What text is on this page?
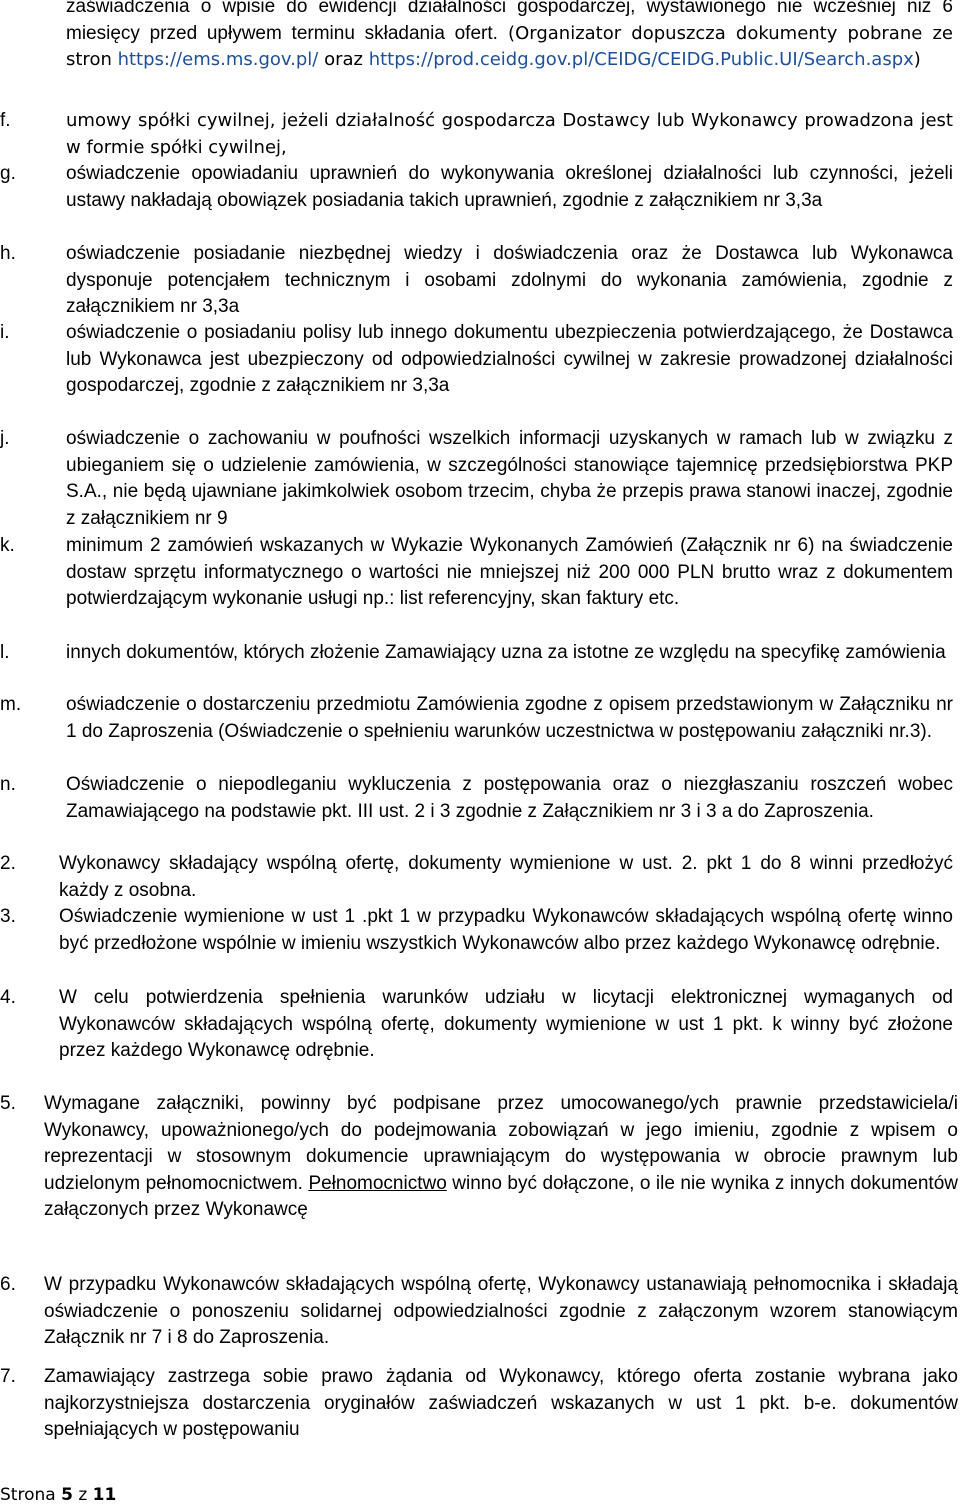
zaświadczenia o wpisie do ewidencji działalności gospodarczej, wystawionego nie wcześniej niż 6 miesięcy przed upływem terminu składania ofert. (Organizator dopuszcza dokumenty pobrane ze stron https://ems.ms.gov.pl/ oraz https://prod.ceidg.gov.pl/CEIDG/CEIDG.Public.UI/Search.aspx)
f.	umowy spółki cywilnej, jeżeli działalność gospodarcza Dostawcy lub Wykonawcy prowadzona jest w formie spółki cywilnej,
g.	oświadczenie opowiadaniu uprawnień do wykonywania określonej działalności lub czynności, jeżeli ustawy nakładają obowiązek posiadania takich uprawnień, zgodnie z załącznikiem nr 3,3a
h.	oświadczenie posiadanie niezbędnej wiedzy i doświadczenia oraz że Dostawca lub Wykonawca dysponuje potencjałem technicznym i osobami zdolnymi do wykonania zamówienia, zgodnie z załącznikiem nr 3,3a
i.	oświadczenie o posiadaniu polisy lub innego dokumentu ubezpieczenia potwierdzającego, że Dostawca lub Wykonawca jest ubezpieczony od odpowiedzialności cywilnej w zakresie prowadzonej działalności gospodarczej, zgodnie z załącznikiem nr 3,3a
j.	oświadczenie o zachowaniu w poufności wszelkich informacji uzyskanych w ramach lub w związku z ubieganiem się o udzielenie zamówienia, w szczególności stanowiące tajemnicę przedsiębiorstwa PKP S.A., nie będą ujawniane jakimkolwiek osobom trzecim, chyba że przepis prawa stanowi inaczej, zgodnie z załącznikiem nr 9
k.	minimum 2 zamówień wskazanych w Wykazie Wykonanych Zamówień (Załącznik nr 6) na świadczenie dostaw sprzętu informatycznego o wartości nie mniejszej niż 200 000 PLN brutto wraz z dokumentem potwierdzającym wykonanie usługi np.: list referencyjny, skan faktury etc.
l.	innych dokumentów, których złożenie Zamawiający uzna za istotne ze względu na specyfikę zamówienia
m. oświadczenie o dostarczeniu przedmiotu Zamówienia zgodne z opisem przedstawionym w Załączniku nr 1 do Zaproszenia (Oświadczenie o spełnieniu warunków uczestnictwa w postępowaniu załączniki nr.3).
n.	Oświadczenie o niepodleganiu wykluczenia z postępowania oraz o niezgłaszaniu roszczeń wobec Zamawiającego na podstawie pkt. III ust. 2 i 3 zgodnie z Załącznikiem nr 3 i 3 a do Zaproszenia.
2. Wykonawcy składający wspólną ofertę, dokumenty wymienione w ust. 2. pkt 1 do 8 winni przedłożyć każdy z osobna.
3. Oświadczenie wymienione w ust 1 .pkt 1 w przypadku Wykonawców składających wspólną ofertę winno być przedłożone wspólnie w imieniu wszystkich Wykonawców albo przez każdego Wykonawcę odrębnie.
4. W celu potwierdzenia spełnienia warunków udziału w licytacji elektronicznej wymaganych od Wykonawców składających wspólną ofertę, dokumenty wymienione w ust 1 pkt. k winny być złożone przez każdego Wykonawcę odrębnie.
5. Wymagane załączniki, powinny być podpisane przez umocowanego/ych prawnie przedstawiciela/i Wykonawcy, upoważnionego/ych do podejmowania zobowiązań w jego imieniu, zgodnie z wpisem o reprezentacji w stosownym dokumencie uprawniającym do występowania w obrocie prawnym lub udzielonym pełnomocnictwem. Pełnomocnictwo winno być dołączone, o ile nie wynika z innych dokumentów załączonych przez Wykonawcę
6. W przypadku Wykonawców składających wspólną ofertę, Wykonawcy ustanawiają pełnomocnika i składają oświadczenie o ponoszeniu solidarnej odpowiedzialności zgodnie z załączonym wzorem stanowiącym Załącznik nr 7 i 8 do Zaproszenia.
7. Zamawiający zastrzega sobie prawo żądania od Wykonawcy, którego oferta zostanie wybrana jako najkorzystniejsza dostarczenia oryginałów zaświadczeń wskazanych w ust 1 pkt. b-e. dokumentów spełniających w postępowaniu
Strona 5 z 11
